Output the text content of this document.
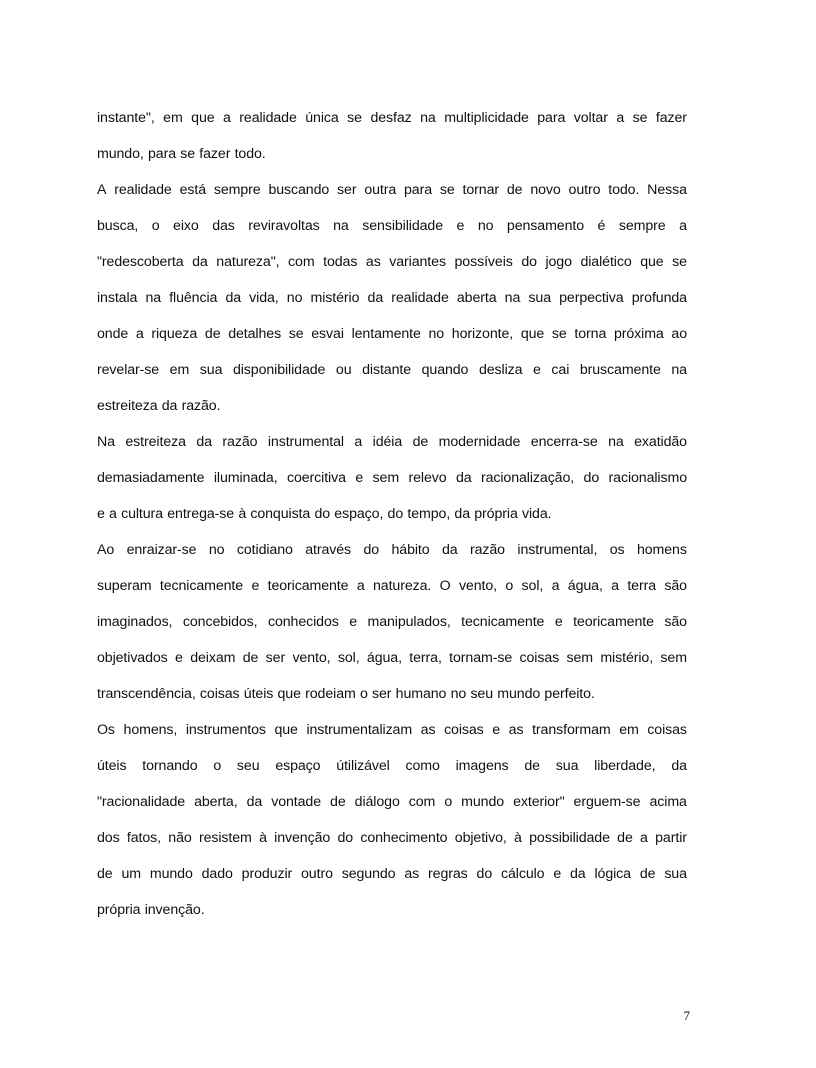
instante", em que a realidade única se desfaz na multiplicidade para voltar a se fazer
mundo, para se fazer todo.
A realidade está sempre buscando ser outra para se tornar de novo outro todo. Nessa
busca, o eixo das reviravoltas na sensibilidade e no pensamento é sempre a
"redescoberta da natureza", com todas as variantes possíveis do jogo dialético que se
instala na fluência da vida, no mistério da realidade aberta na sua perpectiva profunda
onde a riqueza de detalhes se esvai lentamente no horizonte, que se torna próxima ao
revelar-se em sua disponibilidade ou distante quando desliza e cai bruscamente na
estreiteza da razão.
Na estreiteza da razão instrumental a idéia de modernidade encerra-se na exatidão
demasiadamente iluminada, coercitiva e sem relevo da racionalização, do racionalismo
e a cultura entrega-se à conquista do espaço, do tempo, da própria vida.
Ao enraizar-se no cotidiano através do hábito da razão instrumental, os homens
superam tecnicamente e teoricamente a natureza. O vento, o sol, a água, a terra são
imaginados, concebidos, conhecidos e manipulados, tecnicamente e teoricamente são
objetivados e deixam de ser vento, sol, água, terra, tornam-se coisas sem mistério, sem
transcendência, coisas úteis que rodeiam o ser humano no seu mundo perfeito.
Os homens, instrumentos que instrumentalizam as coisas e as transformam em coisas
úteis tornando o seu espaço útilizável como imagens de sua liberdade, da
"racionalidade aberta, da vontade de diálogo com o mundo exterior" erguem-se acima
dos fatos, não resistem à invenção do conhecimento objetivo, à possibilidade de a partir
de um mundo dado produzir outro segundo as regras do cálculo e da lógica de sua
própria invenção.
7
